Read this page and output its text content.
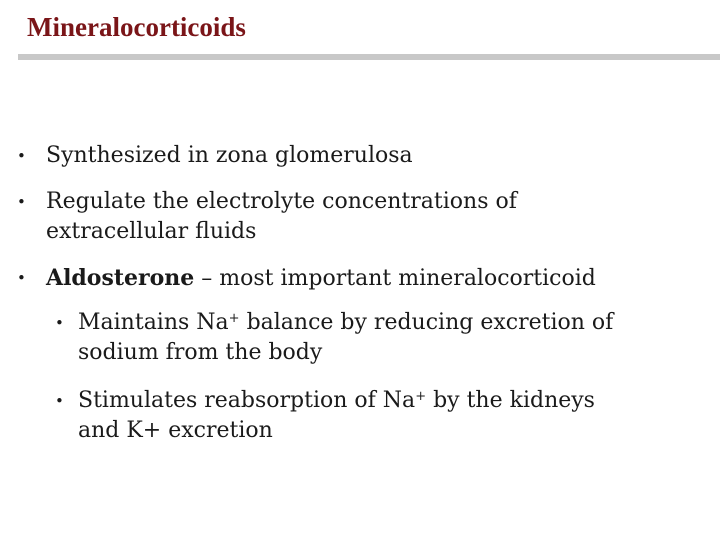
Mineralocorticoids
• Synthesized in zona glomerulosa
• Regulate the electrolyte concentrations of
extracellular fluids
• Aldosterone – most important mineralocorticoid
• Maintains Na+ balance by reducing excretion of
sodium from the body
• Stimulates reabsorption of Na+ by the kidneys
and K+ excretion
